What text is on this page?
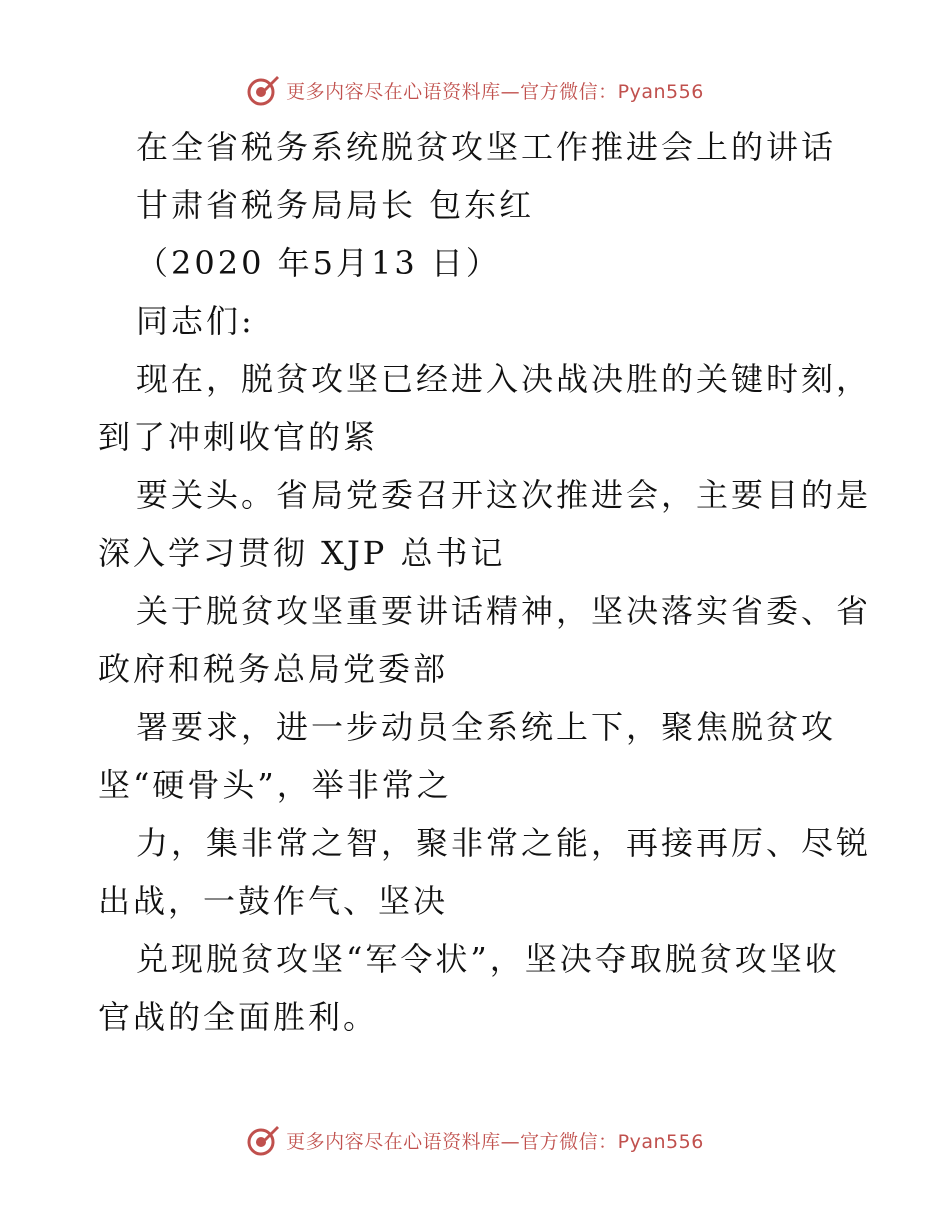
更多内容尽在心语资料库—官方微信：Pyan556
在全省税务系统脱贫攻坚工作推进会上的讲话
甘肃省税务局局长 包东红
（2020 年5月13 日）
同志们:
现在，脱贫攻坚已经进入决战决胜的关键时刻，
到了冲刺收官的紧
要关头。省局党委召开这次推进会，主要目的是
深入学习贯彻 XJP 总书记
关于脱贫攻坚重要讲话精神，坚决落实省委、省
政府和税务总局党委部
署要求，进一步动员全系统上下，聚焦脱贫攻
坚“硬骨头”，举非常之
力，集非常之智，聚非常之能，再接再厉、尽锐
出战，一鼓作气、坚决
兑现脱贫攻坚“军令状”，坚决夺取脱贫攻坚收
官战的全面胜利。
更多内容尽在心语资料库—官方微信：Pyan556
